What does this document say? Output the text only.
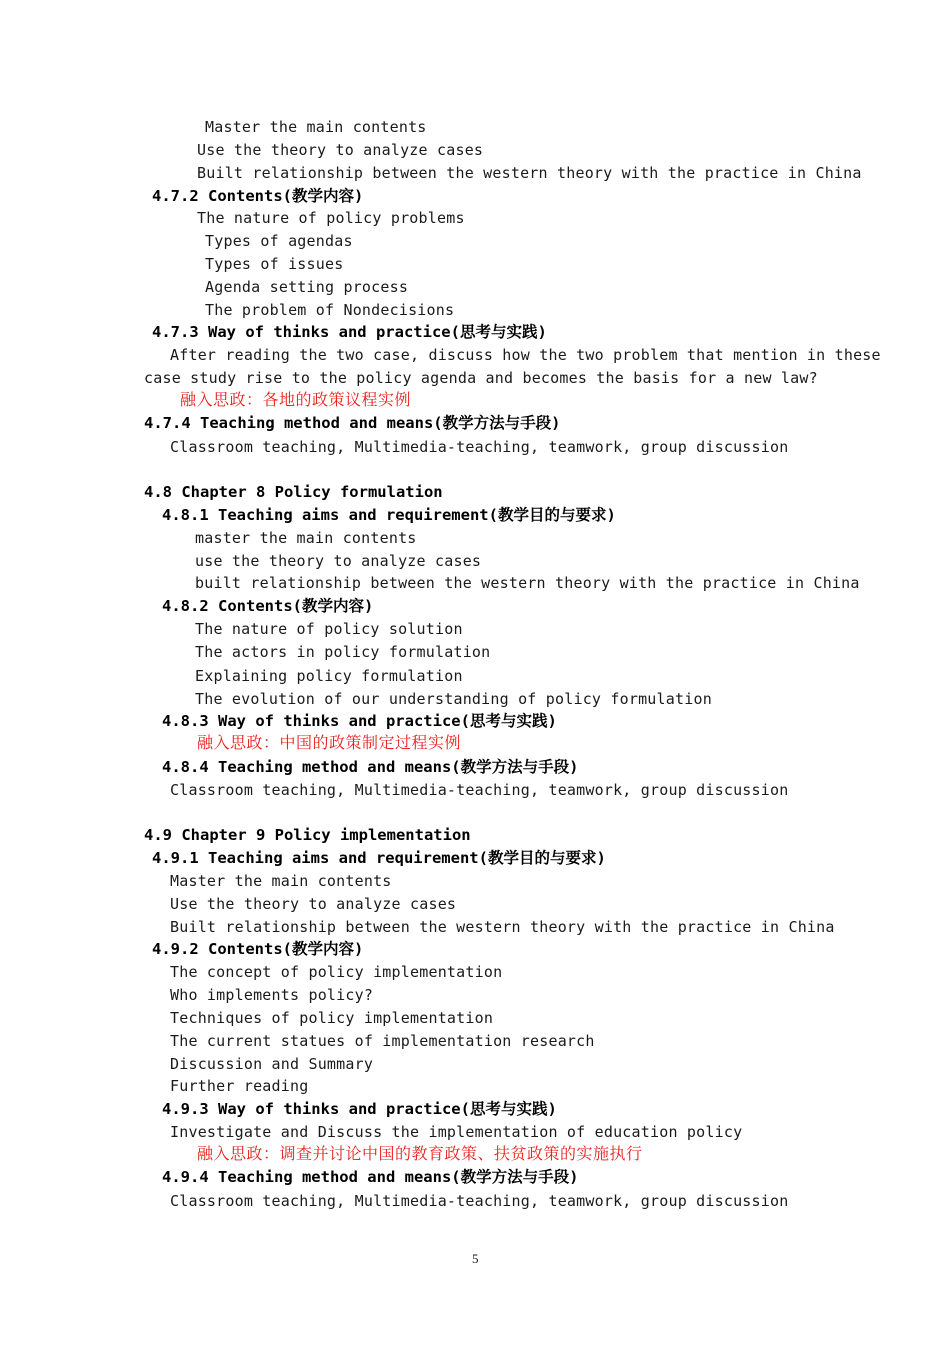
Master the main contents
Use the theory to analyze cases
Built relationship between the western theory with the practice in China
4.7.2 Contents(教学内容)
The nature of policy problems
Types of agendas
Types of issues
Agenda setting process
The problem of Nondecisions
4.7.3 Way of thinks and practice(思考与实践)
After reading the two case, discuss how the two problem that mention in these
case study rise to the policy agenda and becomes the basis for a new law?
融入思政：各地的政策议程实例
4.7.4 Teaching method and means(教学方法与手段)
Classroom teaching, Multimedia-teaching, teamwork, group discussion
4.8 Chapter 8 Policy formulation
4.8.1 Teaching aims and requirement(教学目的与要求)
master the main contents
use the theory to analyze cases
built relationship between the western theory with the practice in China
4.8.2 Contents(教学内容)
The nature of policy solution
The actors in policy formulation
Explaining policy formulation
The evolution of our understanding of policy formulation
4.8.3 Way of thinks and practice(思考与实践)
融入思政：中国的政策制定过程实例
4.8.4 Teaching method and means(教学方法与手段)
Classroom teaching, Multimedia-teaching, teamwork, group discussion
4.9 Chapter 9 Policy implementation
4.9.1 Teaching aims and requirement(教学目的与要求)
Master the main contents
Use the theory to analyze cases
Built relationship between the western theory with the practice in China
4.9.2 Contents(教学内容)
The concept of policy implementation
Who implements policy?
Techniques of policy implementation
The current statues of implementation research
Discussion and Summary
Further reading
4.9.3 Way of thinks and practice(思考与实践)
Investigate and Discuss the implementation of education policy
融入思政：调查并讨论中国的教育政策、扶贫政策的实施执行
4.9.4 Teaching method and means(教学方法与手段)
Classroom teaching, Multimedia-teaching, teamwork, group discussion
5
